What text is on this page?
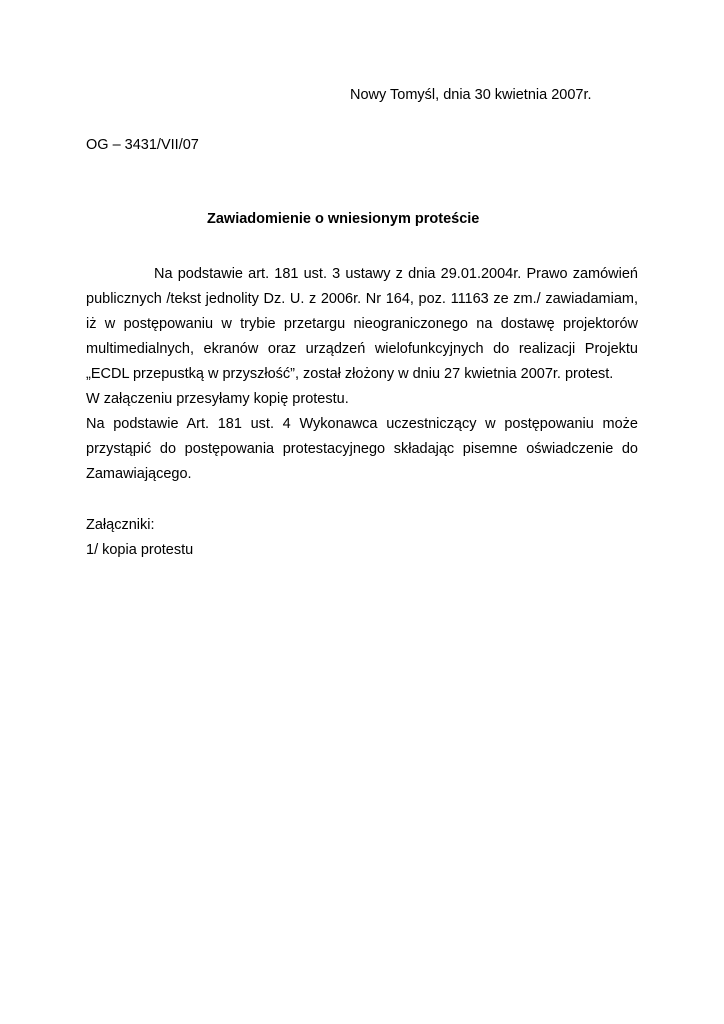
Nowy Tomyśl, dnia 30 kwietnia 2007r.
OG – 3431/VII/07
Zawiadomienie o wniesionym proteście
Na podstawie art. 181 ust. 3 ustawy z dnia 29.01.2004r. Prawo zamówień
publicznych /tekst jednolity Dz. U. z 2006r. Nr 164, poz. 11163 ze zm./ zawiadamiam,
iż w postępowaniu w trybie przetargu nieograniczonego na dostawę projektorów
multimedialnych, ekranów oraz urządzeń wielofunkcyjnych do realizacji Projektu
„ECDL przepustką w przyszłość”, został złożony w dniu 27 kwietnia 2007r. protest.
W załączeniu przesyłamy kopię protestu.
Na podstawie Art. 181 ust. 4 Wykonawca uczestniczący w postępowaniu może
przystąpić do postępowania protestacyjnego składając pisemne oświadczenie do
Zamawiającego.
Załączniki:
1/ kopia protestu
